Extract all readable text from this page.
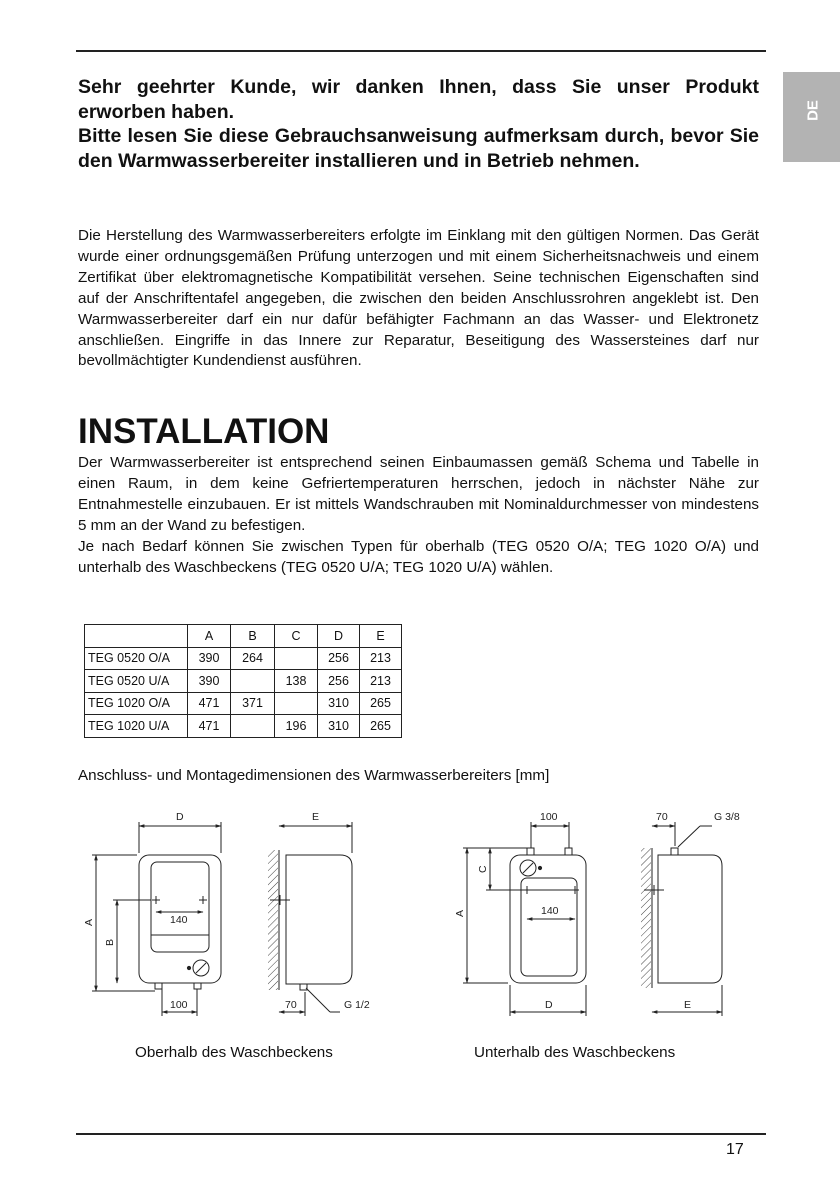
DE

Sehr geehrter Kunde, wir danken Ihnen, dass Sie unser Produkt erworben haben.

Bitte lesen Sie diese Gebrauchsanweisung aufmerksam durch, bevor Sie den Warmwasserbereiter installieren und in Betrieb nehmen.

Die Herstellung des Warmwasserbereiters erfolgte im Einklang mit den gültigen Normen. Das Gerät wurde einer ordnungsgemäßen Prüfung unterzogen und mit einem Sicherheitsnachweis und einem Zertifikat über elektromagnetische Kompatibilität versehen. Seine technischen Eigenschaften sind auf der Anschriftentafel angegeben, die zwischen den beiden Anschlussrohren angeklebt ist. Den Warmwasserbereiter darf ein nur dafür befähigter Fachmann an das Wasser- und Elektronetz anschließen. Eingriffe in das Innere zur Reparatur, Beseitigung des Wassersteines darf nur bevollmächtigter Kundendienst ausführen.

INSTALLATION

Der Warmwasserbereiter ist entsprechend seinen Einbaumassen gemäß Schema und Tabelle in einen Raum, in dem keine Gefriertemperaturen herrschen, jedoch in nächster Nähe zur Entnahmestelle einzubauen. Er ist mittels Wandschrauben mit Nominaldurchmesser von mindestens 5 mm an der Wand zu befestigen.

Je nach Bedarf können Sie zwischen Typen für oberhalb (TEG 0520 O/A; TEG 1020 O/A) und unterhalb des Waschbeckens (TEG 0520 U/A; TEG 1020 U/A) wählen.

	A	B	C	D	E
TEG 0520 O/A	390	264		256	213
TEG 0520 U/A	390		138	256	213
TEG 1020 O/A	471	371		310	265
TEG 1020 U/A	471		196	310	265
Anschluss- und Montagedimensionen des Warmwasserbereiters [mm]
D	E
140
100	70	G 1/2
A
B
100	70	G 3/8
140
C
A
D	E
Oberhalb des Waschbeckens	Unterhalb des Waschbeckens
17
